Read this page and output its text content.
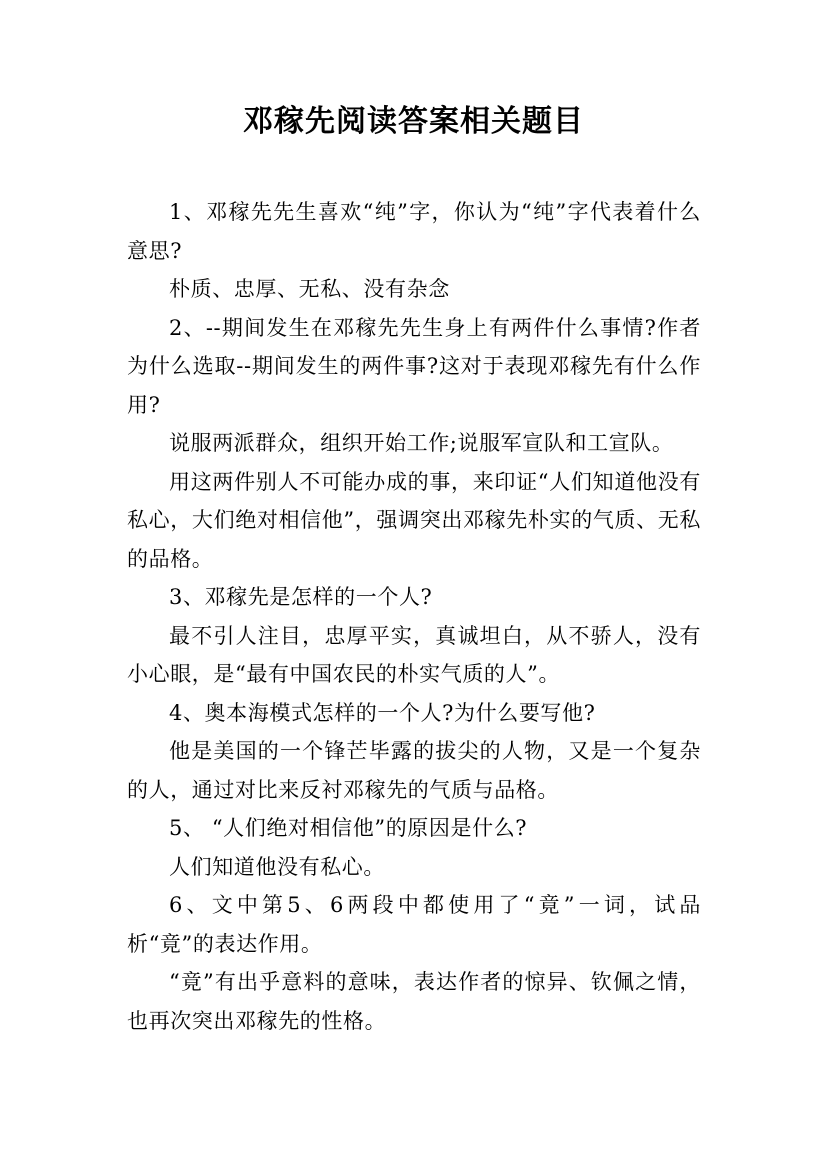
邓稼先阅读答案相关题目

1、邓稼先先生喜欢“纯”字，你认为“纯”字代表着什么意思?

朴质、忠厚、无私、没有杂念

2、--期间发生在邓稼先先生身上有两件什么事情?作者为什么选取--期间发生的两件事?这对于表现邓稼先有什么作用?

说服两派群众，组织开始工作;说服军宣队和工宣队。

用这两件别人不可能办成的事，来印证“人们知道他没有私心，大们绝对相信他”，强调突出邓稼先朴实的气质、无私的品格。

3、邓稼先是怎样的一个人?

最不引人注目，忠厚平实，真诚坦白，从不骄人，没有小心眼，是“最有中国农民的朴实气质的人”。

4、奥本海模式怎样的一个人?为什么要写他?

他是美国的一个锋芒毕露的拔尖的人物，又是一个复杂的人，通过对比来反衬邓稼先的气质与品格。

5、 “人们绝对相信他”的原因是什么?

人们知道他没有私心。

6、文中第5、6两段中都使用了“竟”一词，试品析“竟”的表达作用。

“竟”有出乎意料的意味，表达作者的惊异、钦佩之情，也再次突出邓稼先的性格。
